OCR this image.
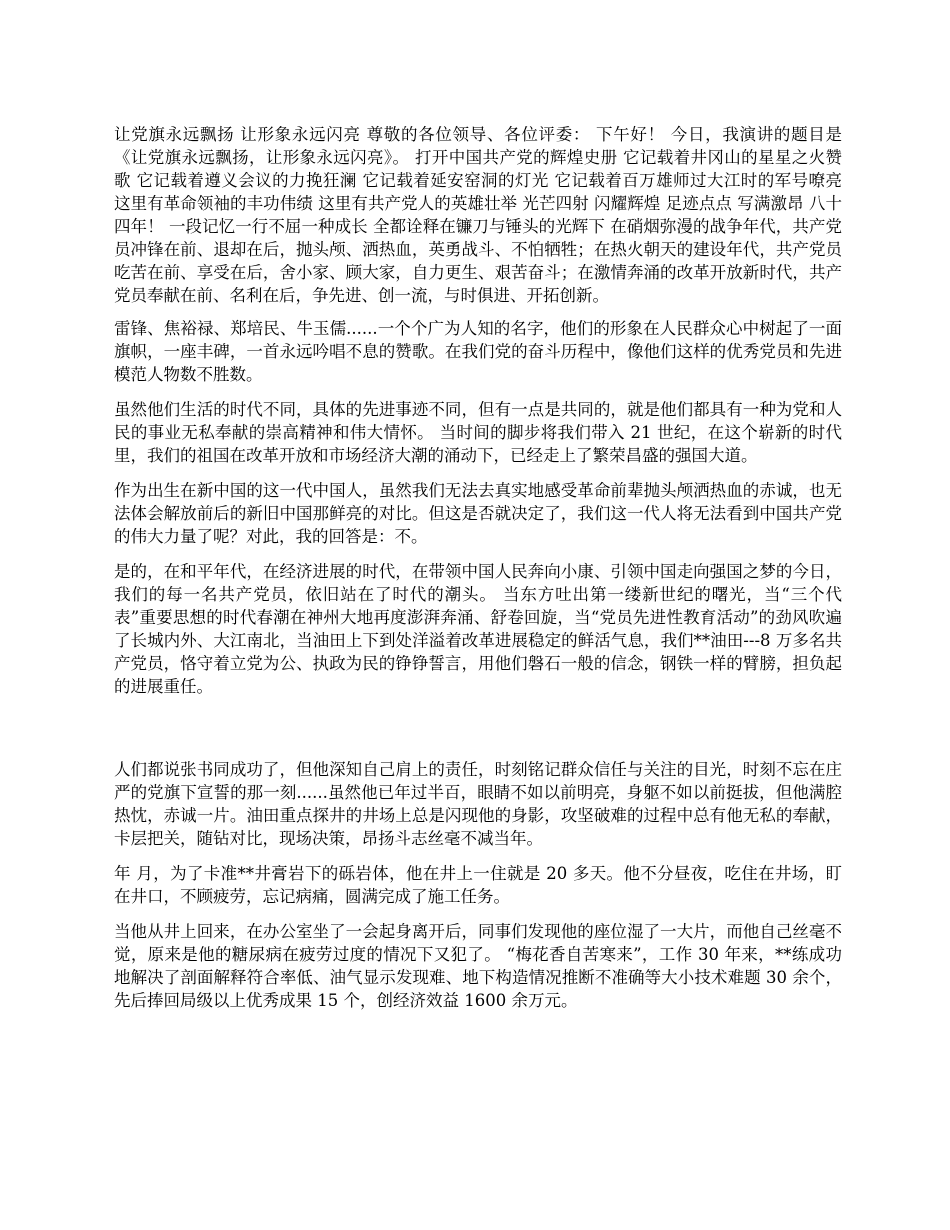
让党旗永远飘扬 让形象永远闪亮 尊敬的各位领导、各位评委： 下午好！ 今日，我演讲的题目是《让党旗永远飘扬，让形象永远闪亮》。 打开中国共产党的辉煌史册 它记载着井冈山的星星之火赞歌 它记载着遵义会议的力挽狂澜 它记载着延安窑洞的灯光 它记载着百万雄师过大江时的军号嘹亮 这里有革命领袖的丰功伟绩 这里有共产党人的英雄壮举 光芒四射 闪耀辉煌 足迹点点 写满激昂 八十四年！ 一段记忆一行不屈一种成长 全都诠释在镰刀与锤头的光辉下 在硝烟弥漫的战争年代，共产党员冲锋在前、退却在后，抛头颅、洒热血，英勇战斗、不怕牺牲；在热火朝天的建设年代，共产党员吃苦在前、享受在后，舍小家、顾大家，自力更生、艰苦奋斗；在激情奔涌的改革开放新时代，共产党员奉献在前、名利在后，争先进、创一流，与时俱进、开拓创新。

雷锋、焦裕禄、郑培民、牛玉儒......一个个广为人知的名字，他们的形象在人民群众心中树起了一面旗帜，一座丰碑，一首永远吟唱不息的赞歌。在我们党的奋斗历程中，像他们这样的优秀党员和先进模范人物数不胜数。

虽然他们生活的时代不同，具体的先进事迹不同，但有一点是共同的，就是他们都具有一种为党和人民的事业无私奉献的崇高精神和伟大情怀。 当时间的脚步将我们带入 21 世纪，在这个崭新的时代里，我们的祖国在改革开放和市场经济大潮的涌动下，已经走上了繁荣昌盛的强国大道。

作为出生在新中国的这一代中国人，虽然我们无法去真实地感受革命前辈抛头颅洒热血的赤诚，也无法体会解放前后的新旧中国那鲜亮的对比。但这是否就决定了，我们这一代人将无法看到中国共产党的伟大力量了呢？对此，我的回答是：不。

是的，在和平年代，在经济进展的时代，在带领中国人民奔向小康、引领中国走向强国之梦的今日，我们的每一名共产党员，依旧站在了时代的潮头。 当东方吐出第一缕新世纪的曙光，当“三个代表”重要思想的时代春潮在神州大地再度澎湃奔涌、舒卷回旋，当“党员先进性教育活动”的劲风吹遍了长城内外、大江南北，当油田上下到处洋溢着改革进展稳定的鲜活气息，我们**油田---8 万多名共产党员，恪守着立党为公、执政为民的铮铮誓言，用他们磐石一般的信念，钢铁一样的臂膀，担负起的进展重任。

人们都说张书同成功了，但他深知自己肩上的责任，时刻铭记群众信任与关注的目光，时刻不忘在庄严的党旗下宣誓的那一刻......虽然他已年过半百，眼睛不如以前明亮，身躯不如以前挺拔，但他满腔热忱，赤诚一片。油田重点探井的井场上总是闪现他的身影，攻坚破难的过程中总有他无私的奉献，卡层把关，随钻对比，现场决策，昂扬斗志丝毫不减当年。

年 月，为了卡准**井膏岩下的砾岩体，他在井上一住就是 20 多天。他不分昼夜，吃住在井场，盯在井口，不顾疲劳，忘记病痛，圆满完成了施工任务。

当他从井上回来，在办公室坐了一会起身离开后，同事们发现他的座位湿了一大片，而他自己丝毫不觉，原来是他的糖尿病在疲劳过度的情况下又犯了。 “梅花香自苦寒来”，工作 30 年来，**练成功地解决了剖面解释符合率低、油气显示发现难、地下构造情况推断不准确等大小技术难题 30 余个，先后捧回局级以上优秀成果 15 个，创经济效益 1600 余万元。
